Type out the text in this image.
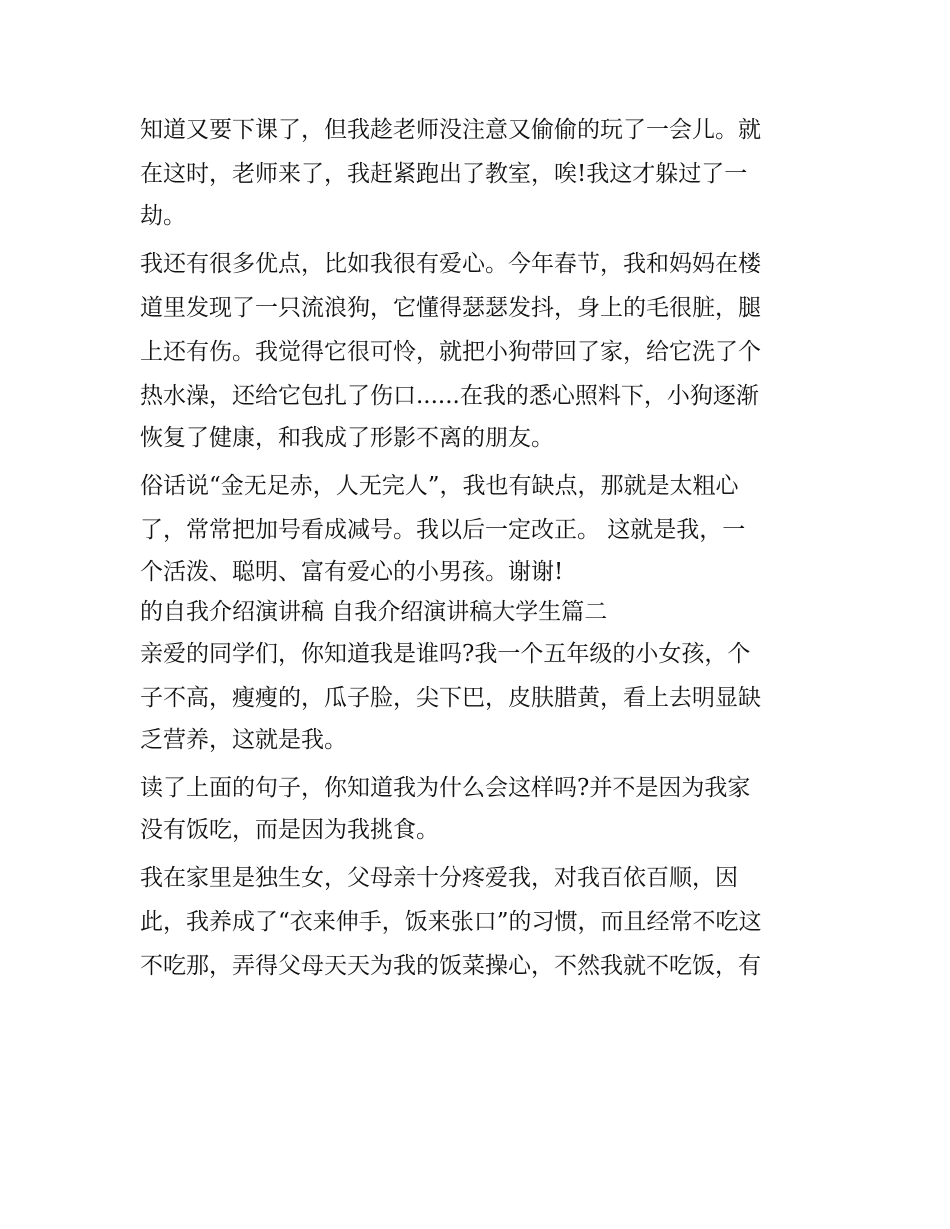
知道又要下课了，但我趁老师没注意又偷偷的玩了一会儿。就
在这时，老师来了，我赶紧跑出了教室，唉!我这才躲过了一
劫。
我还有很多优点，比如我很有爱心。今年春节，我和妈妈在楼
道里发现了一只流浪狗，它懂得瑟瑟发抖，身上的毛很脏，腿
上还有伤。我觉得它很可怜，就把小狗带回了家，给它洗了个
热水澡，还给它包扎了伤口......在我的悉心照料下，小狗逐渐
恢复了健康，和我成了形影不离的朋友。
俗话说“金无足赤，人无完人”，我也有缺点，那就是太粗心
了，常常把加号看成减号。我以后一定改正。 这就是我，一
个活泼、聪明、富有爱心的小男孩。谢谢!
的自我介绍演讲稿 自我介绍演讲稿大学生篇二
亲爱的同学们，你知道我是谁吗?我一个五年级的小女孩，个
子不高，瘦瘦的，瓜子脸，尖下巴，皮肤腊黄，看上去明显缺
乏营养，这就是我。
读了上面的句子，你知道我为什么会这样吗?并不是因为我家
没有饭吃，而是因为我挑食。
我在家里是独生女，父母亲十分疼爱我，对我百依百顺，因
此，我养成了“衣来伸手，饭来张口”的习惯，而且经常不吃这
不吃那，弄得父母天天为我的饭菜操心，不然我就不吃饭，有
